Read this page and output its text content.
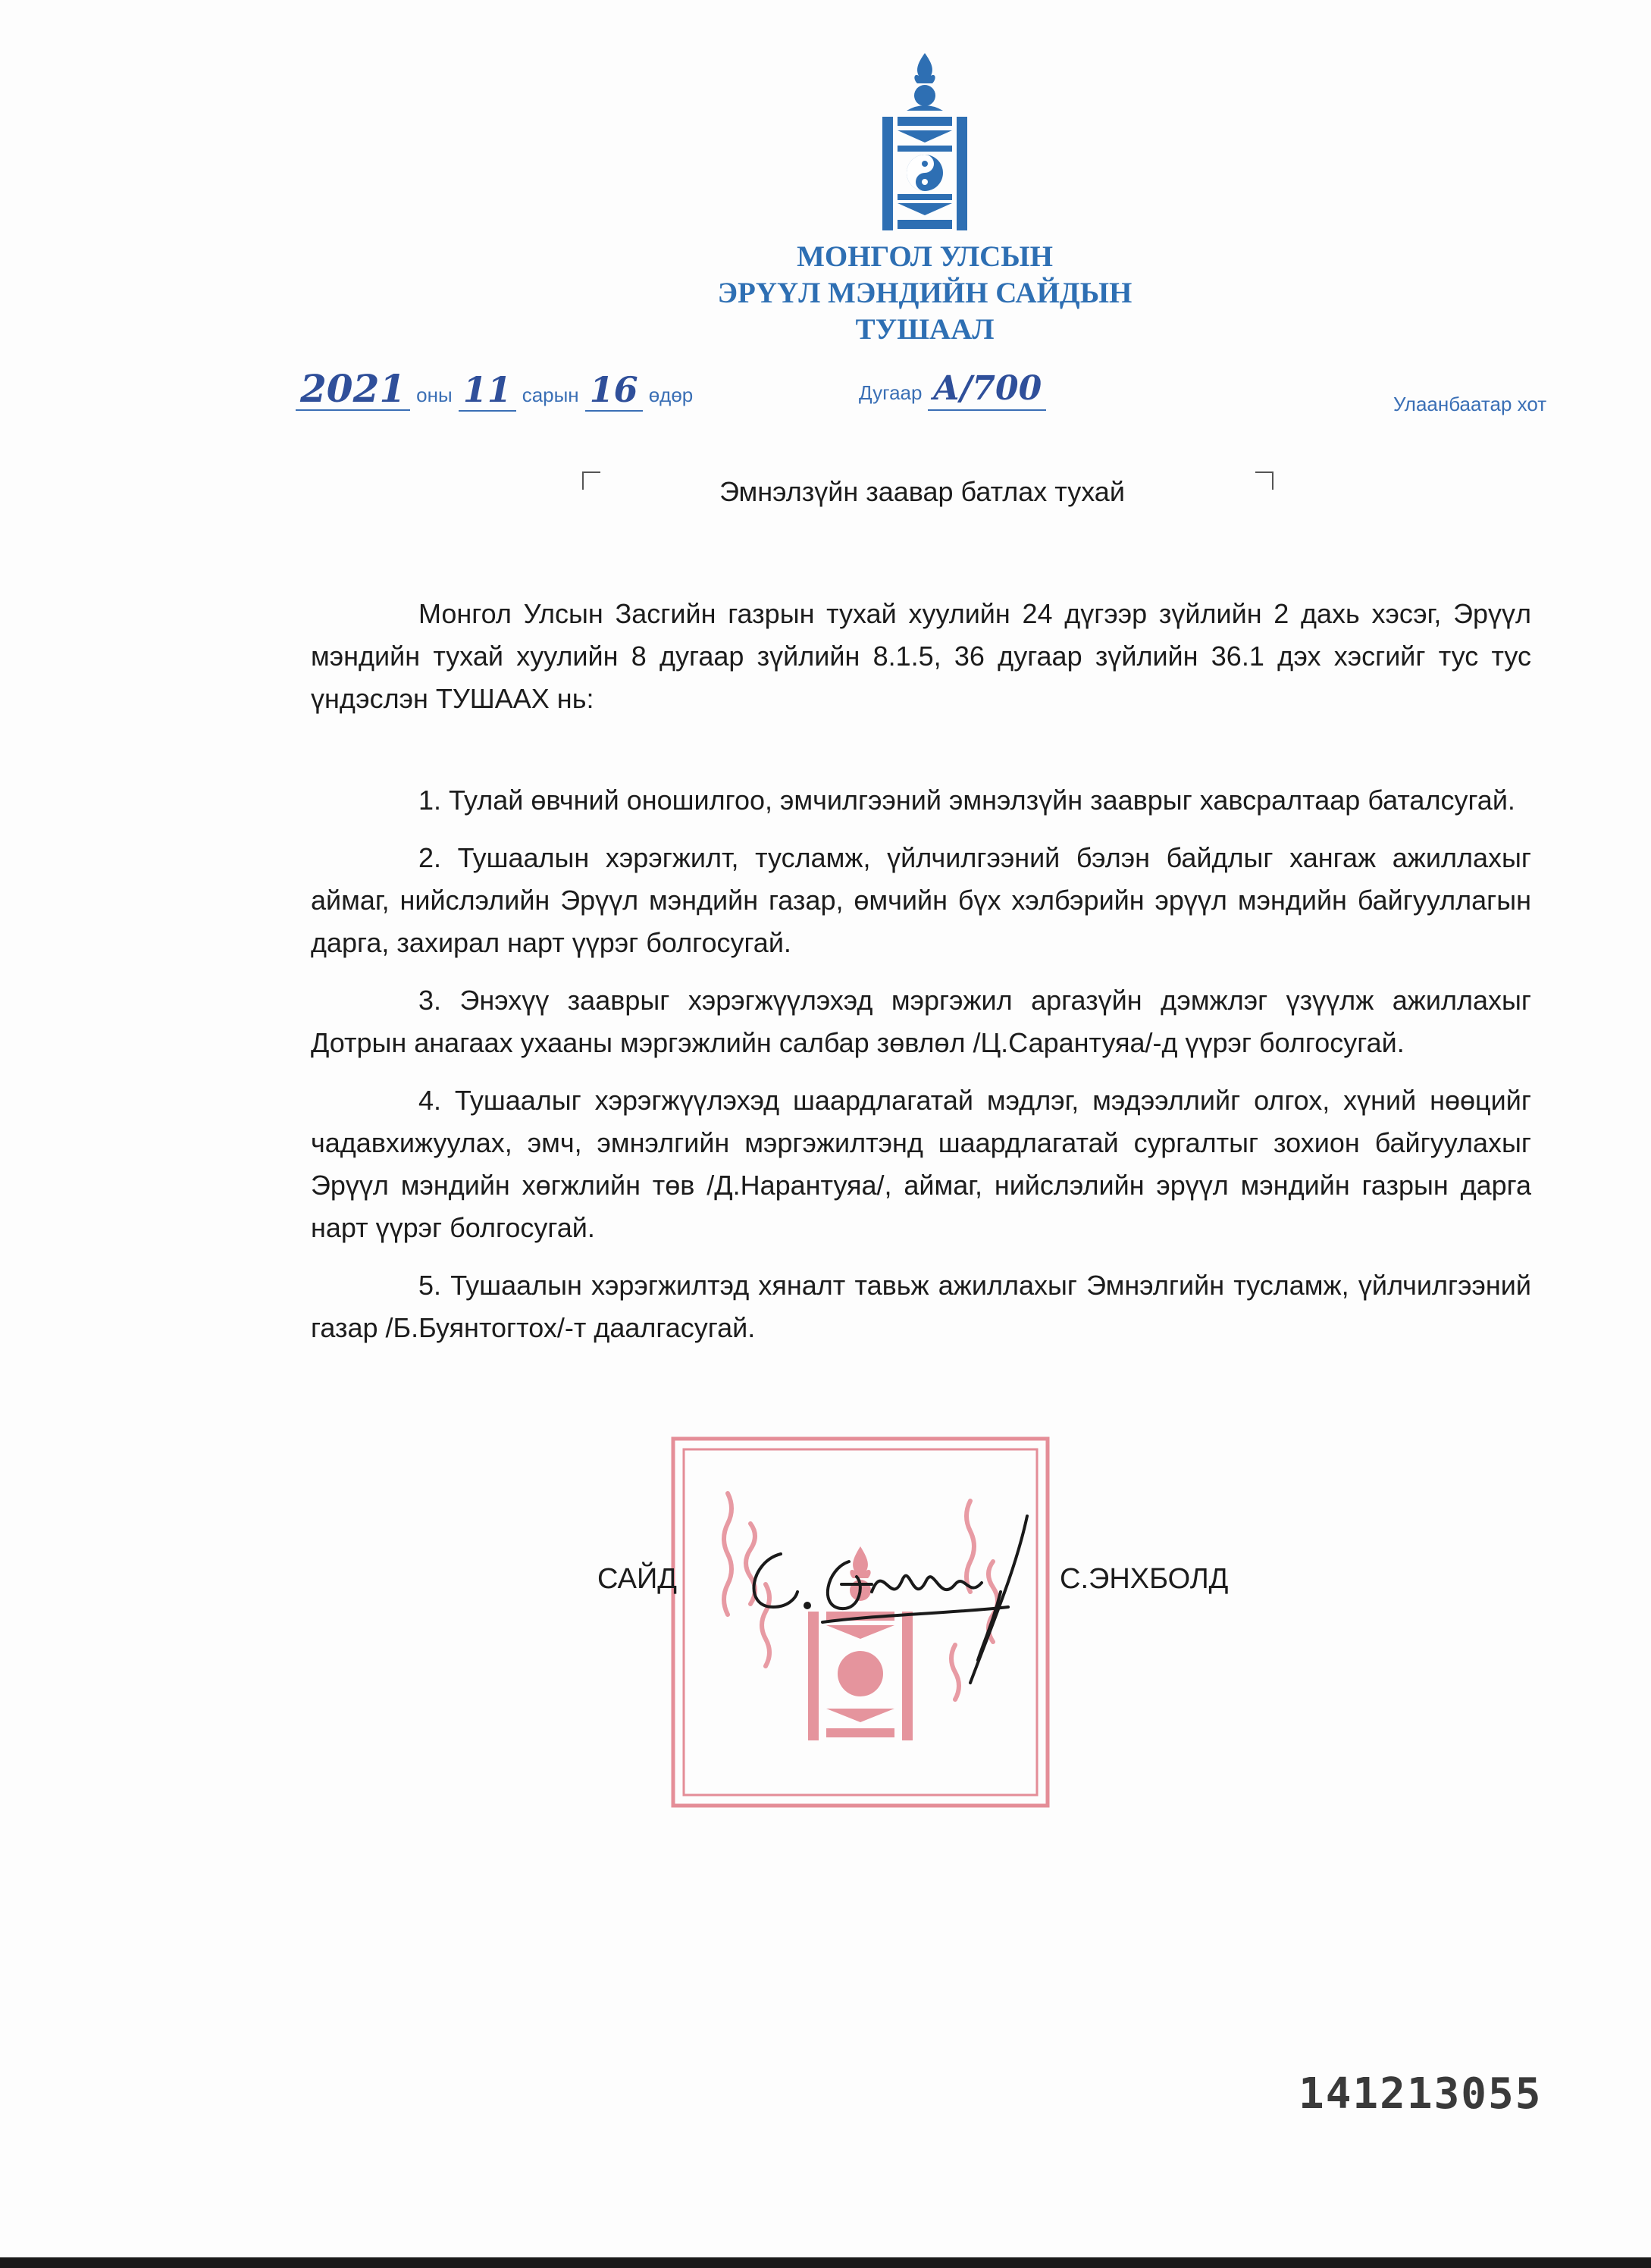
МОНГОЛ УЛСЫН
ЭРҮҮЛ МЭНДИЙН САЙДЫН
ТУШААЛ
2021 оны 11 сарын 16 өдөр	Дугаар А/700	Улаанбаатар хот
Эмнэлзүйн заавар батлах тухай

Монгол Улсын Засгийн газрын тухай хуулийн 24 дүгээр зүйлийн 2 дахь хэсэг, Эрүүл мэндийн тухай хуулийн 8 дугаар зүйлийн 8.1.5, 36 дугаар зүйлийн 36.1 дэх хэсгийг тус тус үндэслэн ТУШААХ нь:

1. Тулай өвчний оношилгоо, эмчилгээний эмнэлзүйн зааврыг хавсралтаар баталсугай.

2. Тушаалын хэрэгжилт, тусламж, үйлчилгээний бэлэн байдлыг хангаж ажиллахыг аймаг, нийслэлийн Эрүүл мэндийн газар, өмчийн бүх хэлбэрийн эрүүл мэндийн байгууллагын дарга, захирал нарт үүрэг болгосугай.

3. Энэхүү зааврыг хэрэгжүүлэхэд мэргэжил аргазүйн дэмжлэг үзүүлж ажиллахыг Дотрын анагаах ухааны мэргэжлийн салбар зөвлөл /Ц.Сарантуяа/-д үүрэг болгосугай.

4. Тушаалыг хэрэгжүүлэхэд шаардлагатай мэдлэг, мэдээллийг олгох, хүний нөөцийг чадавхижуулах, эмч, эмнэлгийн мэргэжилтэнд шаардлагатай сургалтыг зохион байгуулахыг Эрүүл мэндийн хөгжлийн төв /Д.Нарантуяа/, аймаг, нийслэлийн эрүүл мэндийн газрын дарга нарт үүрэг болгосугай.

5. Тушаалын хэрэгжилтэд хяналт тавьж ажиллахыг Эмнэлгийн тусламж, үйлчилгээний газар /Б.Буянтогтох/-т даалгасугай.

САЙД	С.ЭНХБОЛД
141213055
